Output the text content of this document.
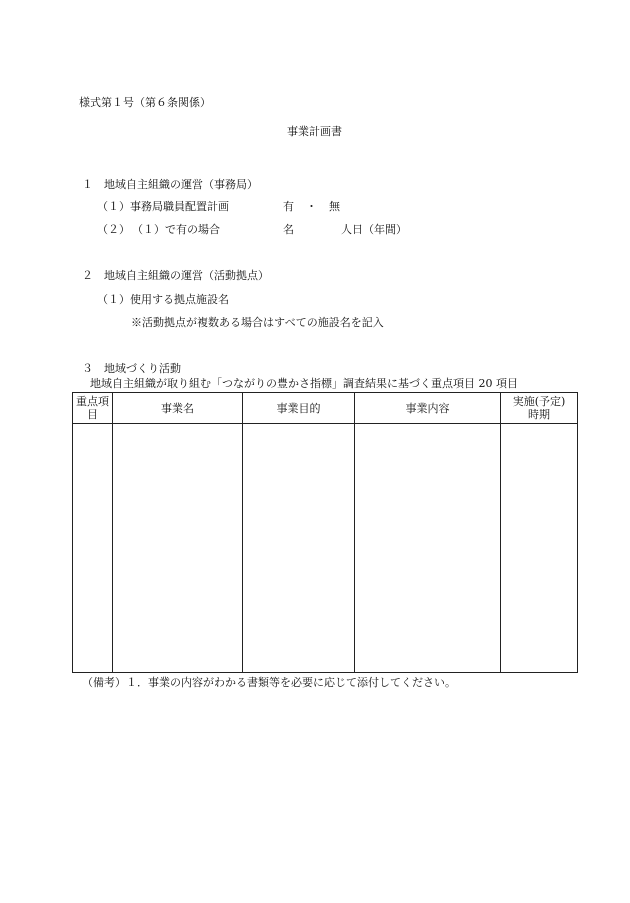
様式第１号（第６条関係）
事業計画書
１　地域自主組織の運営（事務局）
（１） 事務局職員配置計画	有 ・ 無
（２） （１）で有の場合	名	人日（年間）
２　地域自主組織の運営（活動拠点）
（１） 使用する拠点施設名
※活動拠点が複数ある場合はすべての施設名を記入
３　地域づくり活動
地域自主組織が取り組む「つながりの豊かさ指標」調査結果に基づく重点項目 20 項目
重点項目	事業名	事業目的	事業内容	実施(予定)
時期

（備考）１．事業の内容がわかる書類等を必要に応じて添付してください。
